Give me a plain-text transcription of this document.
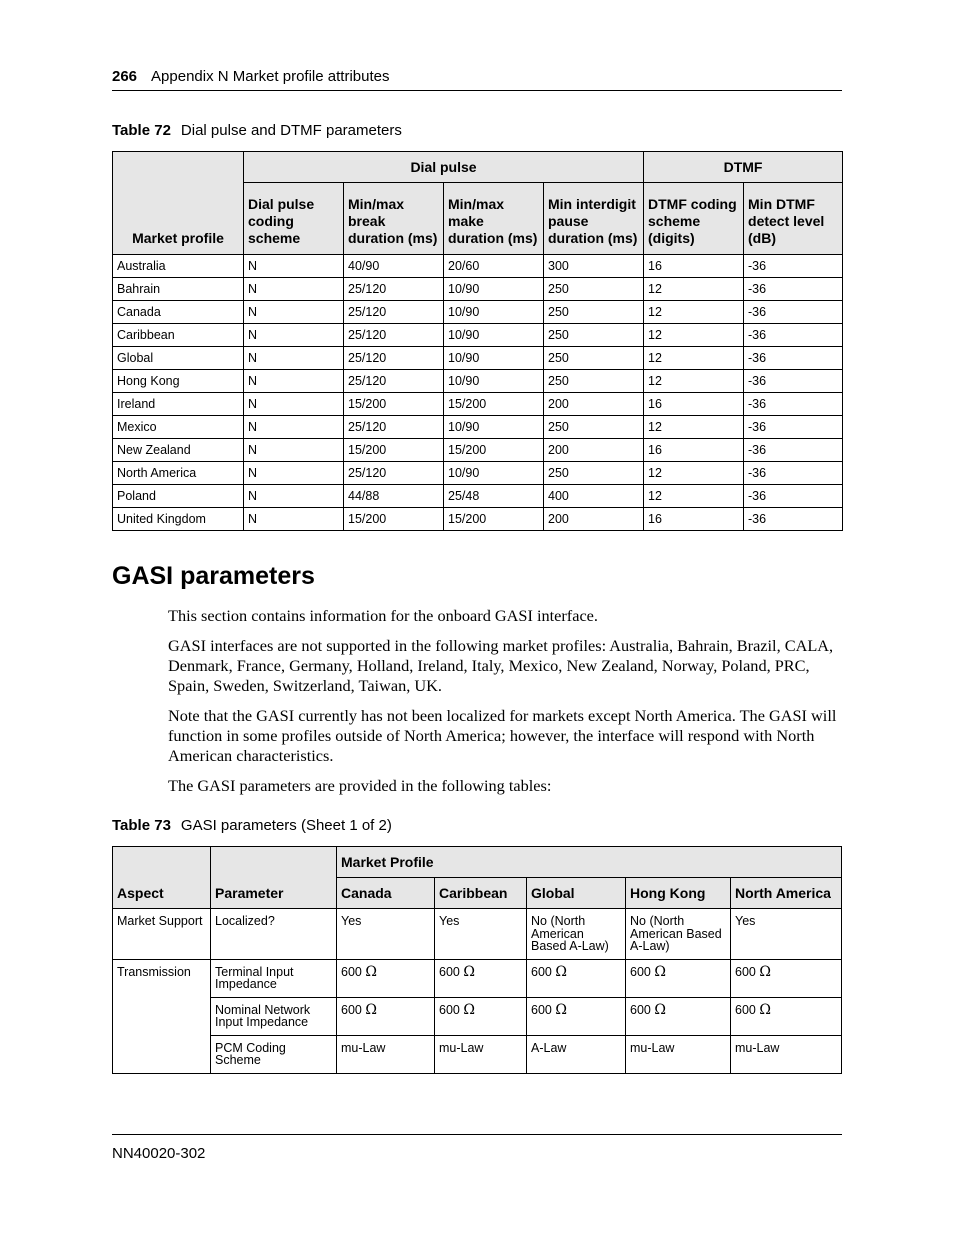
266 Appendix N Market profile attributes
Table 72 Dial pulse and DTMF parameters
Market profile	Dial pulse				DTMF	
	Dial pulse coding scheme	Min/max break duration (ms)	Min/max make duration (ms)	Min interdigit pause duration (ms)	DTMF coding scheme (digits)	Min DTMF detect level (dB)
Australia	N	40/90	20/60	300	16	-36
Bahrain	N	25/120	10/90	250	12	-36
Canada	N	25/120	10/90	250	12	-36
Caribbean	N	25/120	10/90	250	12	-36
Global	N	25/120	10/90	250	12	-36
Hong Kong	N	25/120	10/90	250	12	-36
Ireland	N	15/200	15/200	200	16	-36
Mexico	N	25/120	10/90	250	12	-36
New Zealand	N	15/200	15/200	200	16	-36
North America	N	25/120	10/90	250	12	-36
Poland	N	44/88	25/48	400	12	-36
United Kingdom	N	15/200	15/200	200	16	-36
GASI parameters

This section contains information for the onboard GASI interface.

GASI interfaces are not supported in the following market profiles: Australia, Bahrain, Brazil, CALA, Denmark, France, Germany, Holland, Ireland, Italy, Mexico, New Zealand, Norway, Poland, PRC, Spain, Sweden, Switzerland, Taiwan, UK.

Note that the GASI currently has not been localized for markets except North America. The GASI will function in some profiles outside of North America; however, the interface will respond with North American characteristics.

The GASI parameters are provided in the following tables:

Table 73 GASI parameters (Sheet 1 of 2)
Aspect	Parameter	Market Profile				
		Canada	Caribbean	Global	Hong Kong	North America
Market Support	Localized?	Yes	Yes	No (North American Based A-Law)	No (North American Based A-Law)	Yes
Transmission	Terminal Input Impedance	600 Ω	600 Ω	600 Ω	600 Ω	600 Ω
	Nominal Network Input Impedance	600 Ω	600 Ω	600 Ω	600 Ω	600 Ω
	PCM Coding Scheme	mu-Law	mu-Law	A-Law	mu-Law	mu-Law
NN40020-302
